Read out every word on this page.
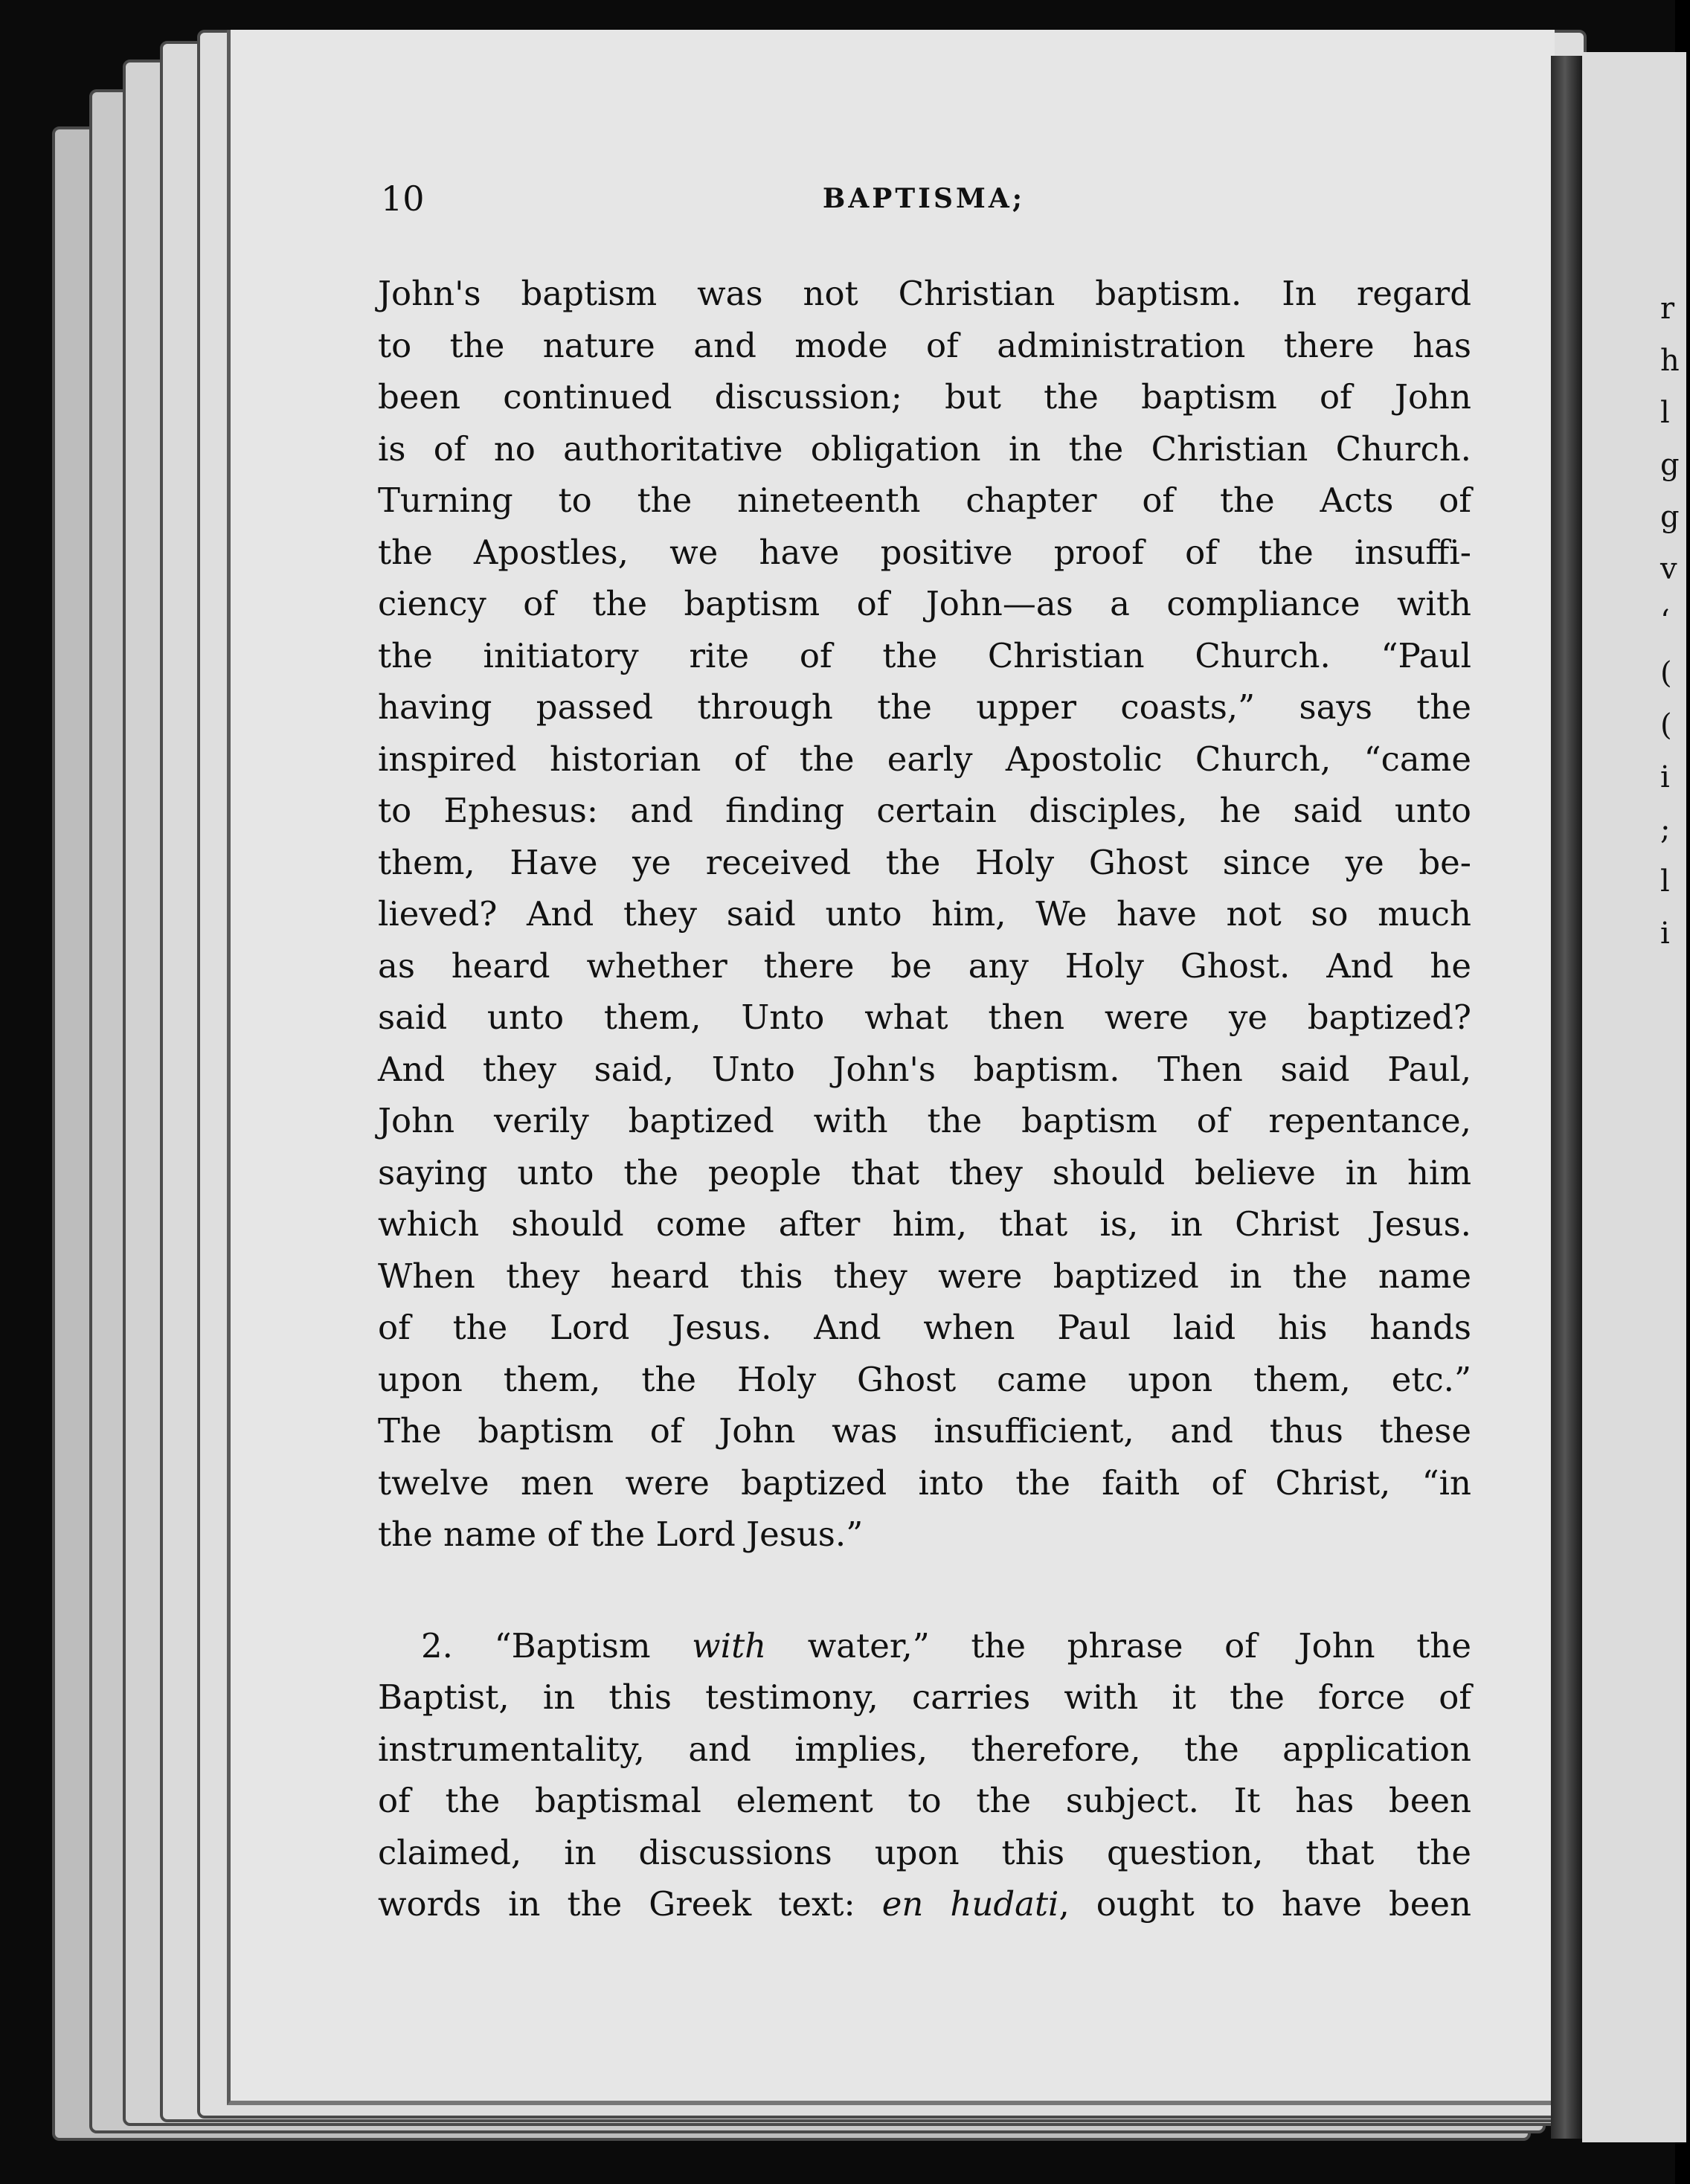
r
h
l
g
g
v
‘
(
(
i
;
l
i
10	BAPTISMA;
John's baptism was not Christian baptism. In regard
to the nature and mode of administration there has
been continued discussion; but the baptism of John
is of no authoritative obligation in the Christian Church.
Turning to the nineteenth chapter of the Acts of
the Apostles, we have positive proof of the insuffi-
ciency of the baptism of John—as a compliance with
the initiatory rite of the Christian Church. “Paul
having passed through the upper coasts,” says the
inspired historian of the early Apostolic Church, “came
to Ephesus: and finding certain disciples, he said unto
them, Have ye received the Holy Ghost since ye be-
lieved? And they said unto him, We have not so much
as heard whether there be any Holy Ghost. And he
said unto them, Unto what then were ye baptized?
And they said, Unto John's baptism. Then said Paul,
John verily baptized with the baptism of repentance,
saying unto the people that they should believe in him
which should come after him, that is, in Christ Jesus.
When they heard this they were baptized in the name
of the Lord Jesus. And when Paul laid his hands
upon them, the Holy Ghost came upon them, etc.”
The baptism of John was insufficient, and thus these
twelve men were baptized into the faith of Christ, “in
the name of the Lord Jesus.”
2. “Baptism with water,” the phrase of John the
Baptist, in this testimony, carries with it the force of
instrumentality, and implies, therefore, the application
of the baptismal element to the subject. It has been
claimed, in discussions upon this question, that the
words in the Greek text: en hudati, ought to have been
